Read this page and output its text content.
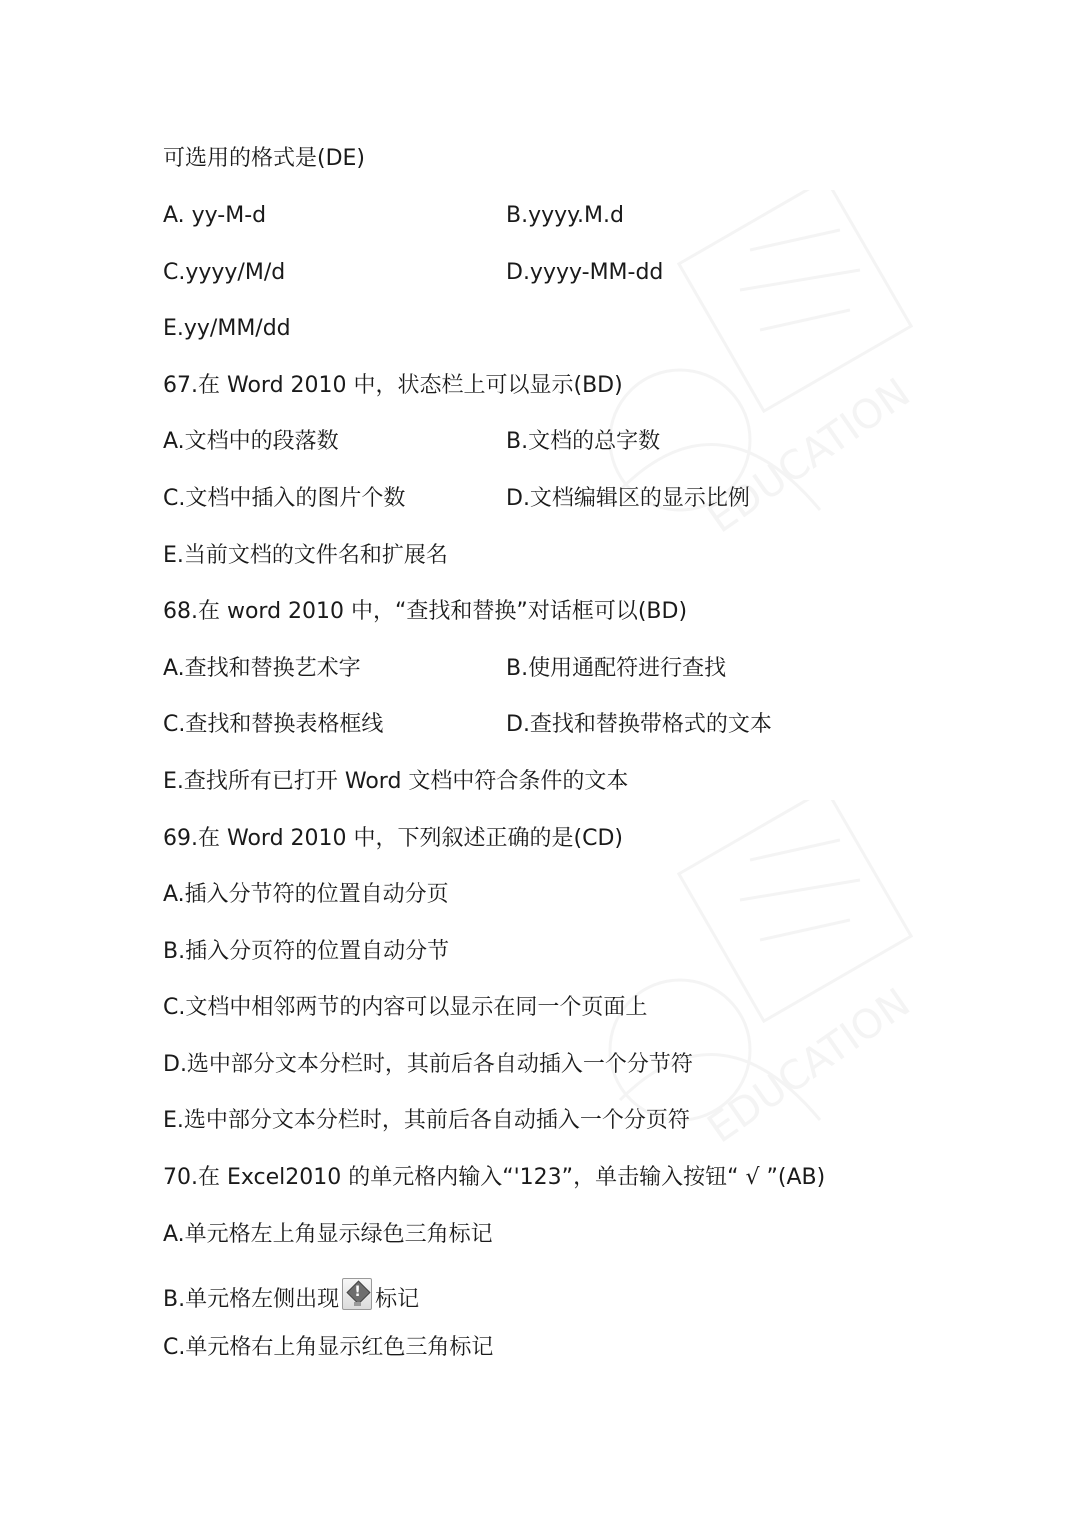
EDUCATION
EDUCATION
可选用的格式是(DE)
A. yy-M-d	B.yyyy.M.d
C.yyyy/M/d	D.yyyy-MM-dd
E.yy/MM/dd
67.在 Word 2010 中，状态栏上可以显示(BD)
A.文档中的段落数	B.文档的总字数
C.文档中插入的图片个数	D.文档编辑区的显示比例
E.当前文档的文件名和扩展名
68.在 word 2010 中，“查找和替换”对话框可以(BD)
A.查找和替换艺术字	B.使用通配符进行查找
C.查找和替换表格框线	D.查找和替换带格式的文本
E.查找所有已打开 Word 文档中符合条件的文本
69.在 Word 2010 中，下列叙述正确的是(CD)
A.插入分节符的位置自动分页
B.插入分页符的位置自动分节
C.文档中相邻两节的内容可以显示在同一个页面上
D.选中部分文本分栏时，其前后各自动插入一个分节符
E.选中部分文本分栏时，其前后各自动插入一个分页符
70.在 Excel2010 的单元格内输入“'123”，单击输入按钮“ √ ”(AB)
A.单元格左上角显示绿色三角标记
B.单元格左侧出现	! 标记
C.单元格右上角显示红色三角标记
